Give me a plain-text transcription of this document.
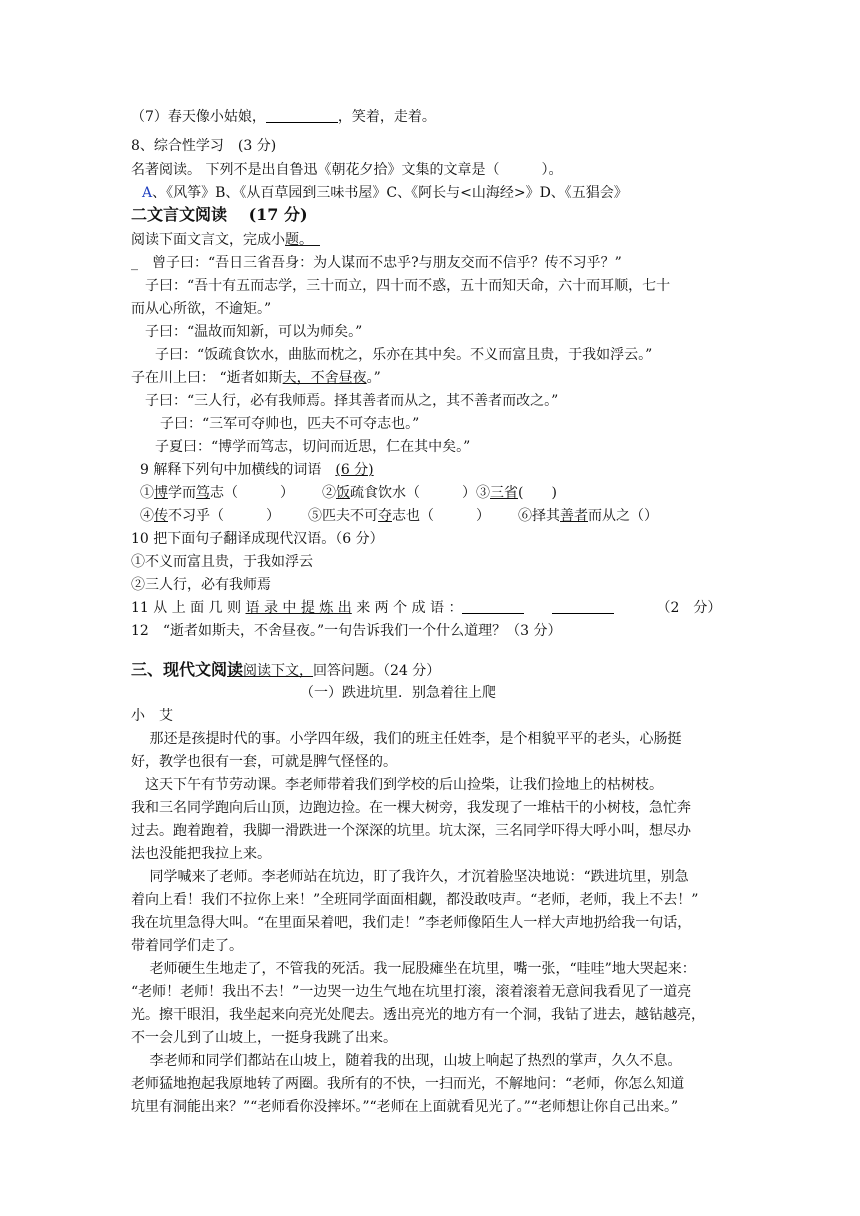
（7）春天像小姑娘，	，笑着，走着。
8、综合性学习　(3 分)
名著阅读。 下列不是出自鲁迅《朝花夕拾》文集的文章是（　　　）。
A、《风筝》B、《从百草园到三味书屋》C、《阿长与<山海经>》D、《五猖会》
二文言文阅读　 (17 分)
阅读下面文言文，完成小题。　
_ 曾子曰：“吾日三省吾身：为人谋而不忠乎?与朋友交而不信乎？传不习乎？”
子曰：“吾十有五而志学，三十而立，四十而不惑，五十而知天命，六十而耳顺，七十
而从心所欲，不逾矩。”
子曰：“温故而知新，可以为师矣。”
子曰：“饭疏食饮水，曲肱而枕之，乐亦在其中矣。不义而富且贵，于我如浮云。”
子在川上曰： “逝者如斯夫，不舍昼夜。”
子曰：“三人行，必有我师焉。择其善者而从之，其不善者而改之。”
子曰：“三军可夺帅也，匹夫不可夺志也。”
子夏曰：“博学而笃志，切问而近思，仁在其中矣。”
9 解释下列句中加横线的词语　(6 分)
①博学而笃志（　　　） ②饭疏食饮水（　　　）③三省(　　)
④传不习乎（　　　） ⑤匹夫不可夺志也（　　　） ⑥择其善者而从之（）
10 把下面句子翻译成现代汉语。（6 分）
①不义而富且贵，于我如浮云
②三人行，必有我师焉
11 从 上 面 几 则 语 录 中 提 炼 出 来 两 个 成 语 ：	（2　分）
12　“逝者如斯夫，不舍昼夜。”一句告诉我们一个什么道理？（3 分）
三、现代文阅读阅读下文，回答问题。（24 分）
（一）跌进坑里．别急着往上爬
小　艾
　 那还是孩提时代的事。小学四年级，我们的班主任姓李，是个相貌平平的老头，心肠挺
好，教学也很有一套，可就是脾气怪怪的。
　这天下午有节劳动课。李老师带着我们到学校的后山捡柴，让我们捡地上的枯树枝。
我和三名同学跑向后山顶，边跑边捡。在一棵大树旁，我发现了一堆枯干的小树枝，急忙奔
过去。跑着跑着，我脚一滑跌进一个深深的坑里。坑太深，三名同学吓得大呼小叫，想尽办
法也没能把我拉上来。
　 同学喊来了老师。李老师站在坑边，盯了我许久，才沉着脸坚决地说：“跌进坑里，别急
着向上看！我们不拉你上来！”全班同学面面相觑，都没敢吱声。“老师，老师，我上不去！”
我在坑里急得大叫。“在里面呆着吧，我们走！”李老师像陌生人一样大声地扔给我一句话，
带着同学们走了。
　 老师硬生生地走了，不管我的死活。我一屁股瘫坐在坑里，嘴一张，“哇哇”地大哭起来：
“老师！老师！我出不去！”一边哭一边生气地在坑里打滚，滚着滚着无意间我看见了一道亮
光。擦干眼泪，我坐起来向亮光处爬去。透出亮光的地方有一个洞，我钻了进去，越钻越亮，
不一会儿到了山坡上，一挺身我跳了出来。
　 李老师和同学们都站在山坡上，随着我的出现，山坡上响起了热烈的掌声，久久不息。
老师猛地抱起我原地转了两圈。我所有的不快，一扫而光，不解地问：“老师，你怎么知道
坑里有洞能出来？”“老师看你没摔坏。”“老师在上面就看见光了。”“老师想让你自己出来。”
